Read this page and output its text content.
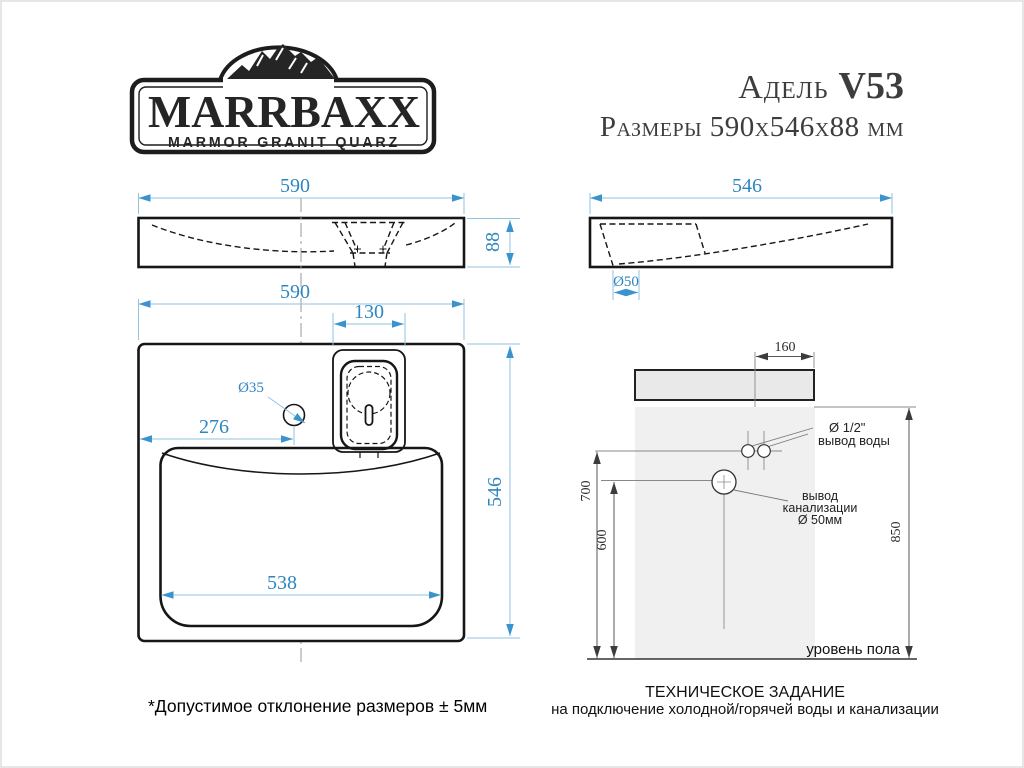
MARRBAXX
MARMOR GRANIT QUARZ
Адель V53
Размеры 590х546х88 мм
590
88
546
Ø50
590
130
Ø35
276
538
546
160
700
600	850
Ø 1/2"
вывод воды
вывод
канализации
Ø 50мм
уровень пола
ТЕХНИЧЕСКОЕ ЗАДАНИЕ
на подключение холодной/горячей воды и канализации
*Допустимое отклонение размеров ± 5мм
